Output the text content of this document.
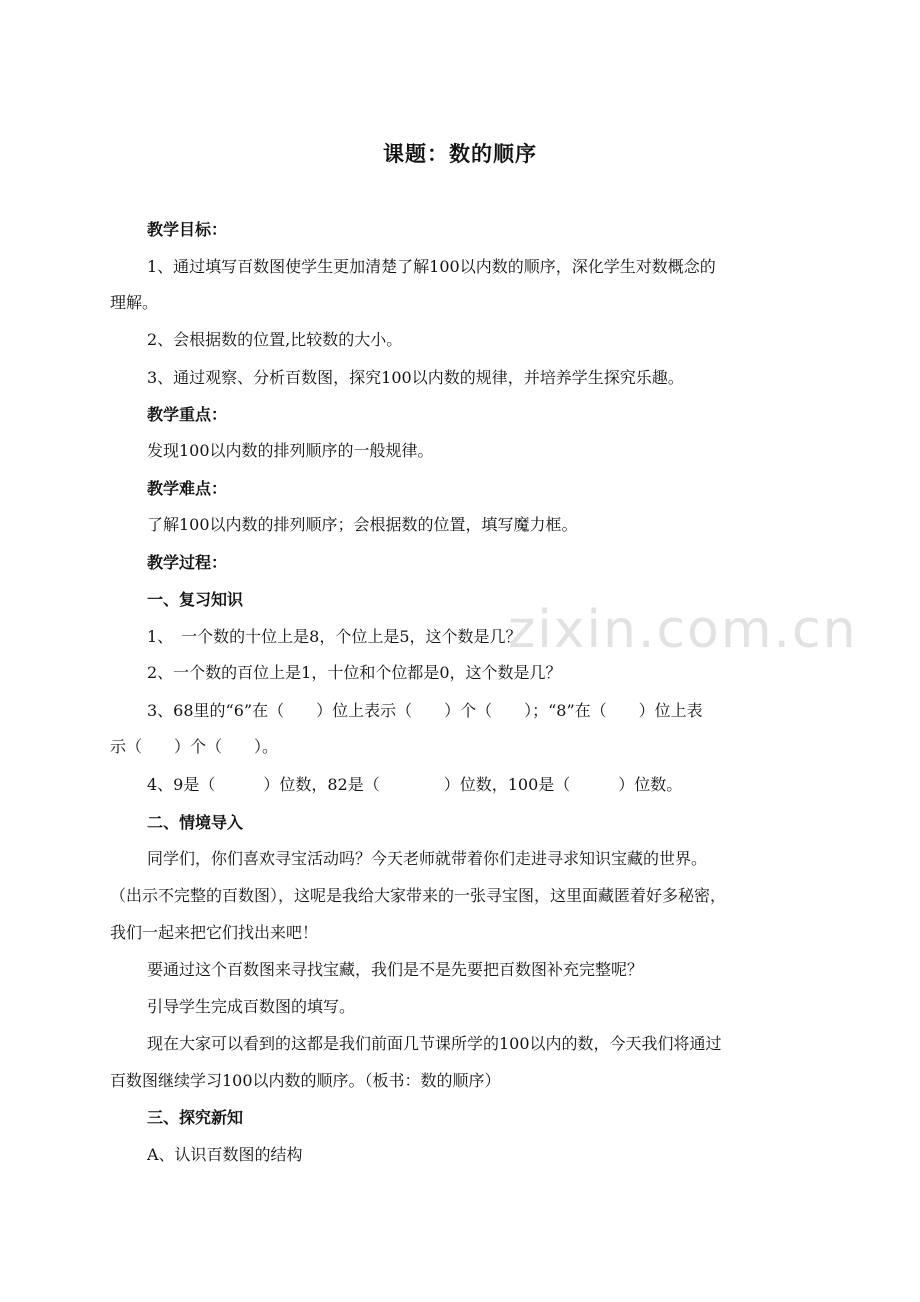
zixin.com.cn
课题：数的顺序
教学目标：
1、通过填写百数图使学生更加清楚了解100以内数的顺序，深化学生对数概念的
理解。
2、会根据数的位置,比较数的大小。
3、通过观察、分析百数图，探究100以内数的规律，并培养学生探究乐趣。
教学重点：
发现100以内数的排列顺序的一般规律。
教学难点：
了解100以内数的排列顺序；会根据数的位置，填写魔力框。
教学过程：
一、复习知识
1、　一个数的十位上是8，个位上是5，这个数是几？
2、一个数的百位上是1，十位和个位都是0，这个数是几？
3、68里的“6”在（　　）位上表示（　　）个（　　）；“8”在（　　）位上表
示（　　）个（　　）。
4、9是（　　　）位数，82是（　　　　）位数，100是（　　　）位数。
二、情境导入
同学们，你们喜欢寻宝活动吗？今天老师就带着你们走进寻求知识宝藏的世界。
（出示不完整的百数图），这呢是我给大家带来的一张寻宝图，这里面藏匿着好多秘密，
我们一起来把它们找出来吧！
要通过这个百数图来寻找宝藏，我们是不是先要把百数图补充完整呢？
引导学生完成百数图的填写。
现在大家可以看到的这都是我们前面几节课所学的100以内的数，今天我们将通过
百数图继续学习100以内数的顺序。（板书：数的顺序）
三、探究新知
A、认识百数图的结构
